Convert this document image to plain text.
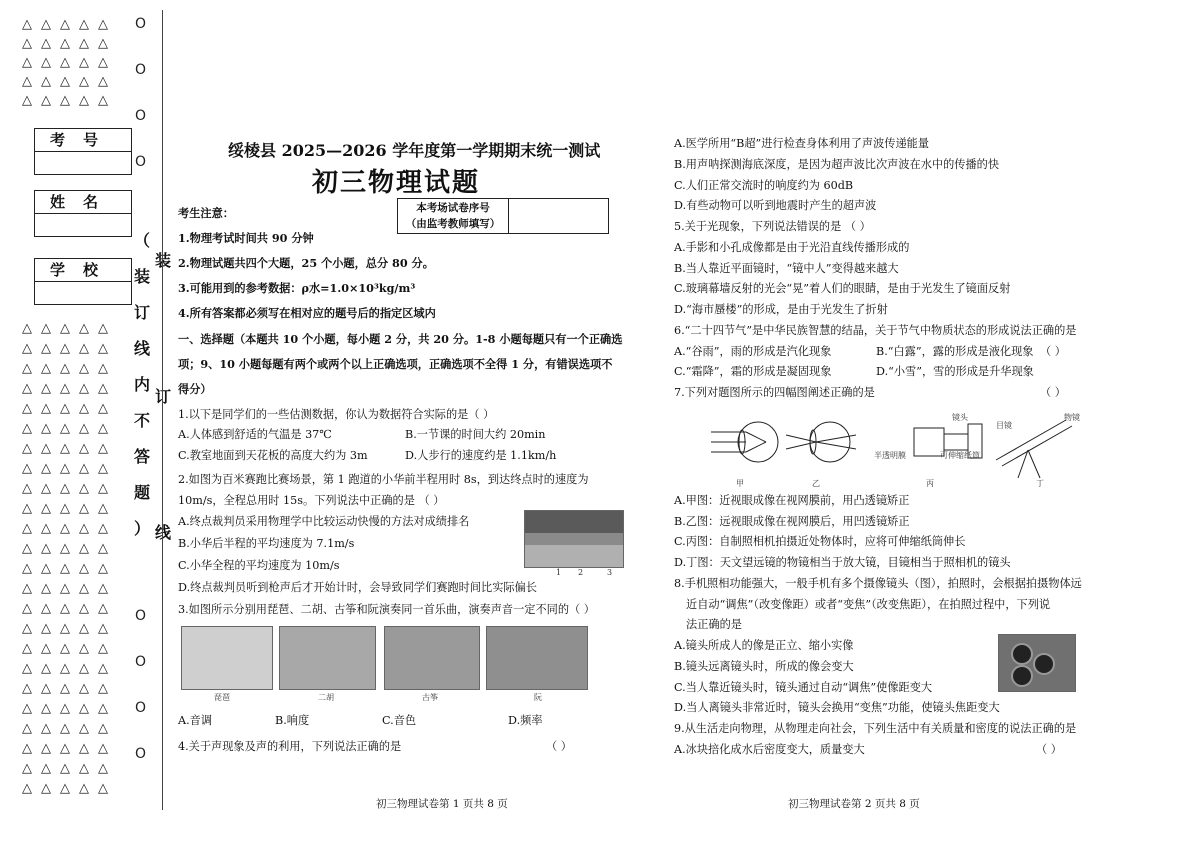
△△△△△
△△△△△
△△△△△
△△△△△
△△△△△
△△△△△
△△△△△
△△△△△
△△△△△
△△△△△
△△△△△
△△△△△
△△△△△
△△△△△
△△△△△
△△△△△
△△△△△
△△△△△
△△△△△
△△△△△
△△△△△
△△△△△
△△△△△
△△△△△
△△△△△
△△△△△
△△△△△
△△△△△
△△△△△
O
O
O
O
O
O
O
O
考号
姓名
学校
（
装
订
线
内
不
答
题
）
装
订
线
绥棱县 2025—2026 学年度第一学期期末统一测试
初三物理试题
本考场试卷序号
（由监考教师填写）
考生注意：
1.物理考试时间共 90 分钟
2.物理试题共四个大题，25 个小题，总分 80 分。
3.可能用到的参考数据：ρ水=1.0×10³kg/m³
4.所有答案都必须写在相对应的题号后的指定区域内
一、选择题（本题共 10 个小题，每小题 2 分，共 20 分。1-8 小题每题只有一个正确选
项；9、10 小题每题有两个或两个以上正确选项，正确选项不全得 1 分，有错误选项不
得分）
1.以下是同学们的一些估测数据，你认为数据符合实际的是（ ）
A.人体感到舒适的气温是 37℃	B.一节课的时间大约 20min
C.教室地面到天花板的高度大约为 3m	D.人步行的速度约是 1.1km/h
2.如图为百米赛跑比赛场景，第 1 跑道的小华前半程用时 8s，到达终点时的速度为
10m/s，全程总用时 15s。下列说法中正确的是 （ ）
A.终点裁判员采用物理学中比较运动快慢的方法对成绩排名
B.小华后半程的平均速度为 7.1m/s
C.小华全程的平均速度为 10m/s
D.终点裁判员听到枪声后才开始计时，会导致同学们赛跑时间比实际偏长
1 2	3
3.如图所示分别用琵琶、二胡、古筝和阮演奏同一首乐曲，演奏声音一定不同的（ ）
琵琶	二胡	古筝	阮
A.音调	B.响度	C.音色	D.频率
4.关于声现象及声的利用，下列说法正确的是	（ ）
初三物理试卷第 1 页共 8 页
A.医学所用“B超”进行检查身体利用了声波传递能量
B.用声呐探测海底深度，是因为超声波比次声波在水中的传播的快
C.人们正常交流时的响度约为 60dB
D.有些动物可以听到地震时产生的超声波
5.关于光现象，下列说法错误的是 （ ）
A.手影和小孔成像都是由于光沿直线传播形成的
B.当人靠近平面镜时，“镜中人”变得越来越大
C.玻璃幕墙反射的光会“晃”着人们的眼睛，是由于光发生了镜面反射
D.“海市蜃楼”的形成，是由于光发生了折射
6.“二十四节气”是中华民族智慧的结晶，关于节气中物质状态的形成说法正确的是
A.“谷雨”，雨的形成是汽化现象	B.“白露”，露的形成是液化现象 （ ）
C.“霜降”，霜的形成是凝固现象	D.“小雪”，雪的形成是升华现象
7.下列对题图所示的四幅图阐述正确的是	（ ）
镜头
半透明膜	可伸缩纸筒
目镜
物镜
甲	乙	丙	丁
A.甲图：近视眼成像在视网膜前，用凸透镜矫正
B.乙图：远视眼成像在视网膜后，用凹透镜矫正
C.丙图：自制照相机拍摄近处物体时，应将可伸缩纸筒伸长
D.丁图：天文望远镜的物镜相当于放大镜，目镜相当于照相机的镜头
8.手机照相功能强大，一般手机有多个摄像镜头（图），拍照时，会根据拍摄物体远
近自动“调焦”（改变像距）或者“变焦”（改变焦距），在拍照过程中，下列说
法正确的是
A.镜头所成人的像是正立、缩小实像
B.镜头远离镜头时，所成的像会变大
C.当人靠近镜头时，镜头通过自动“调焦”使像距变大
D.当人离镜头非常近时，镜头会换用“变焦”功能，使镜头焦距变大
9.从生活走向物理，从物理走向社会，下列生活中有关质量和密度的说法正确的是
A.冰块掊化成水后密度变大，质量变大	（ ）
初三物理试卷第 2 页共 8 页
